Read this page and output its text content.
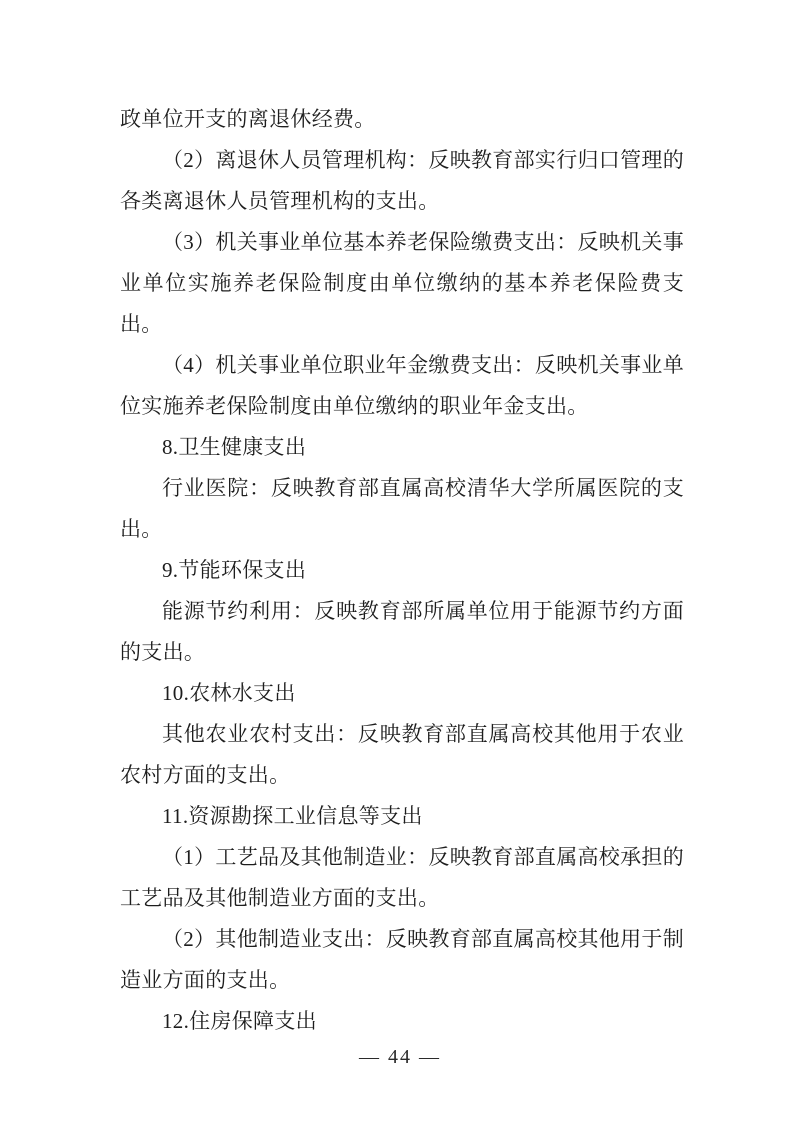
政单位开支的离退休经费。

（2）离退休人员管理机构：反映教育部实行归口管理的各类离退休人员管理机构的支出。

（3）机关事业单位基本养老保险缴费支出：反映机关事业单位实施养老保险制度由单位缴纳的基本养老保险费支出。

（4）机关事业单位职业年金缴费支出：反映机关事业单位实施养老保险制度由单位缴纳的职业年金支出。

8.卫生健康支出

行业医院：反映教育部直属高校清华大学所属医院的支出。

9.节能环保支出

能源节约利用：反映教育部所属单位用于能源节约方面的支出。

10.农林水支出

其他农业农村支出：反映教育部直属高校其他用于农业农村方面的支出。

11.资源勘探工业信息等支出

（1）工艺品及其他制造业：反映教育部直属高校承担的工艺品及其他制造业方面的支出。

（2）其他制造业支出：反映教育部直属高校其他用于制造业方面的支出。

12.住房保障支出

— 44 —
